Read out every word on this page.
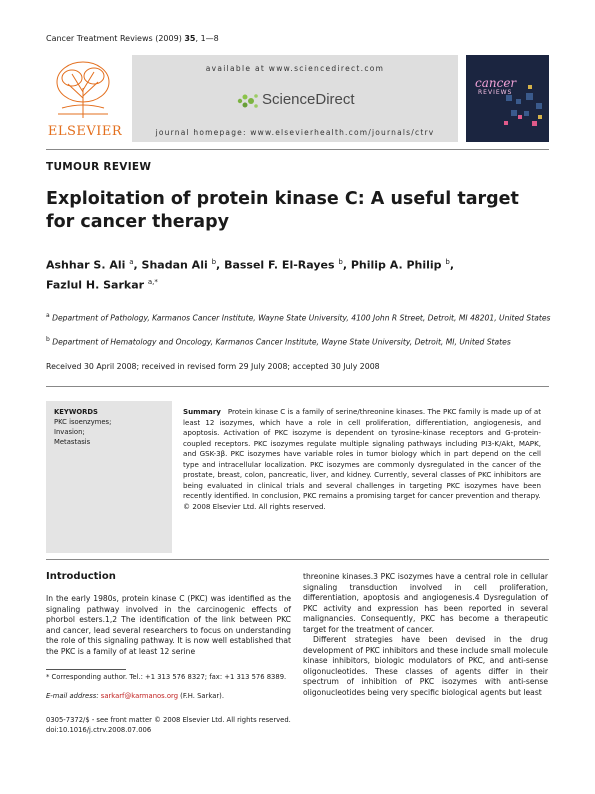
Cancer Treatment Reviews (2009) 35, 1—8
ELSEVIER
available at www.sciencedirect.com
ScienceDirect
journal homepage: www.elsevierhealth.com/journals/ctrv
cancer
REVIEWS
TUMOUR REVIEW
Exploitation of protein kinase C: A useful target for cancer therapy
Ashhar S. Ali $^a$, Shadan Ali $^b$, Bassel F. El-Rayes $^b$, Philip A. Philip $^b$,
Fazlul H. Sarkar $^{a,*}$
$^a$ Department of Pathology, Karmanos Cancer Institute, Wayne State University, 4100 John R Street, Detroit, MI 48201, United States
$^b$ Department of Hematology and Oncology, Karmanos Cancer Institute, Wayne State University, Detroit, MI, United States
Received 30 April 2008; received in revised form 29 July 2008; accepted 30 July 2008
KEYWORDS
PKC isoenzymes;
Invasion;
Metastasis
Summary Protein kinase C is a family of serine/threonine kinases. The PKC family is made up of at least 12 isozymes, which have a role in cell proliferation, differentiation, angiogenesis, and apoptosis. Activation of PKC isozyme is dependent on tyrosine-kinase receptors and G-protein-coupled receptors. PKC isozymes regulate multiple signaling pathways including PI3-K/Akt, MAPK, and GSK-3β. PKC isozymes have variable roles in tumor biology which in part depend on the cell type and intracellular localization. PKC isozymes are commonly dysregulated in the cancer of the prostate, breast, colon, pancreatic, liver, and kidney. Currently, several classes of PKC inhibitors are being evaluated in clinical trials and several challenges in targeting PKC isozymes have been recently identified. In conclusion, PKC remains a promising target for cancer prevention and therapy.
© 2008 Elsevier Ltd. All rights reserved.
Introduction

In the early 1980s, protein kinase C (PKC) was identified as the signaling pathway involved in the carcinogenic effects of phorbol esters.1,2 The identification of the link between PKC and cancer, lead several researchers to focus on understanding the role of this signaling pathway. It is now well established that the PKC is a family of at least 12 serine

threonine kinases.3 PKC isozymes have a central role in cellular signaling transduction involved in cell proliferation, differentiation, apoptosis and angiogenesis.4 Dysregulation of PKC activity and expression has been reported in several malignancies. Consequently, PKC has become a therapeutic target for the treatment of cancer.

Different strategies have been devised in the drug development of PKC inhibitors and these include small molecule kinase inhibitors, biologic modulators of PKC, and anti-sense oligonucleotides. These classes of agents differ in their spectrum of inhibition of PKC isozymes with anti-sense oligonucleotides being very specific biological agents but least

* Corresponding author. Tel.: +1 313 576 8327; fax: +1 313 576 8389.
E-mail address: sarkarf@karmanos.org (F.H. Sarkar).
0305-7372/$ - see front matter © 2008 Elsevier Ltd. All rights reserved.
doi:10.1016/j.ctrv.2008.07.006
